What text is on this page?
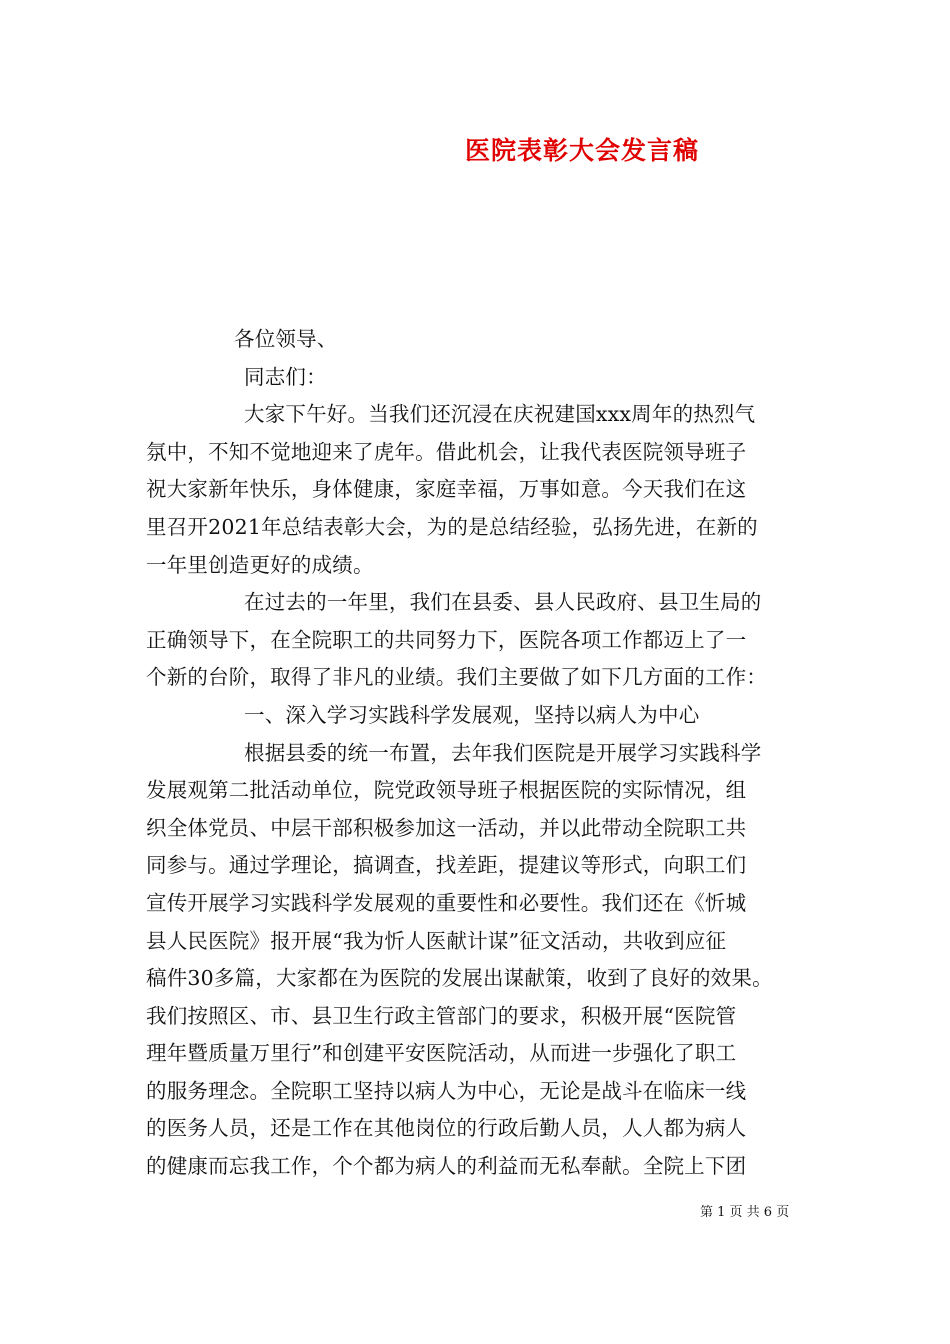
医院表彰大会发言稿
各位领导、
同志们：
大家下午好。当我们还沉浸在庆祝建国xxx周年的热烈气
氛中，不知不觉地迎来了虎年。借此机会，让我代表医院领导班子
祝大家新年快乐，身体健康，家庭幸福，万事如意。今天我们在这
里召开2021年总结表彰大会，为的是总结经验，弘扬先进，在新的
一年里创造更好的成绩。
在过去的一年里，我们在县委、县人民政府、县卫生局的
正确领导下，在全院职工的共同努力下，医院各项工作都迈上了一
个新的台阶，取得了非凡的业绩。我们主要做了如下几方面的工作：
一、深入学习实践科学发展观，坚持以病人为中心
根据县委的统一布置，去年我们医院是开展学习实践科学
发展观第二批活动单位，院党政领导班子根据医院的实际情况，组
织全体党员、中层干部积极参加这一活动，并以此带动全院职工共
同参与。通过学理论，搞调查，找差距，提建议等形式，向职工们
宣传开展学习实践科学发展观的重要性和必要性。我们还在《忻城
县人民医院》报开展“我为忻人医献计谋”征文活动，共收到应征
稿件30多篇，大家都在为医院的发展出谋献策，收到了良好的效果。
我们按照区、市、县卫生行政主管部门的要求，积极开展“医院管
理年暨质量万里行”和创建平安医院活动，从而进一步强化了职工
的服务理念。全院职工坚持以病人为中心，无论是战斗在临床一线
的医务人员，还是工作在其他岗位的行政后勤人员，人人都为病人
的健康而忘我工作，个个都为病人的利益而无私奉献。全院上下团
第 1 页 共 6 页
